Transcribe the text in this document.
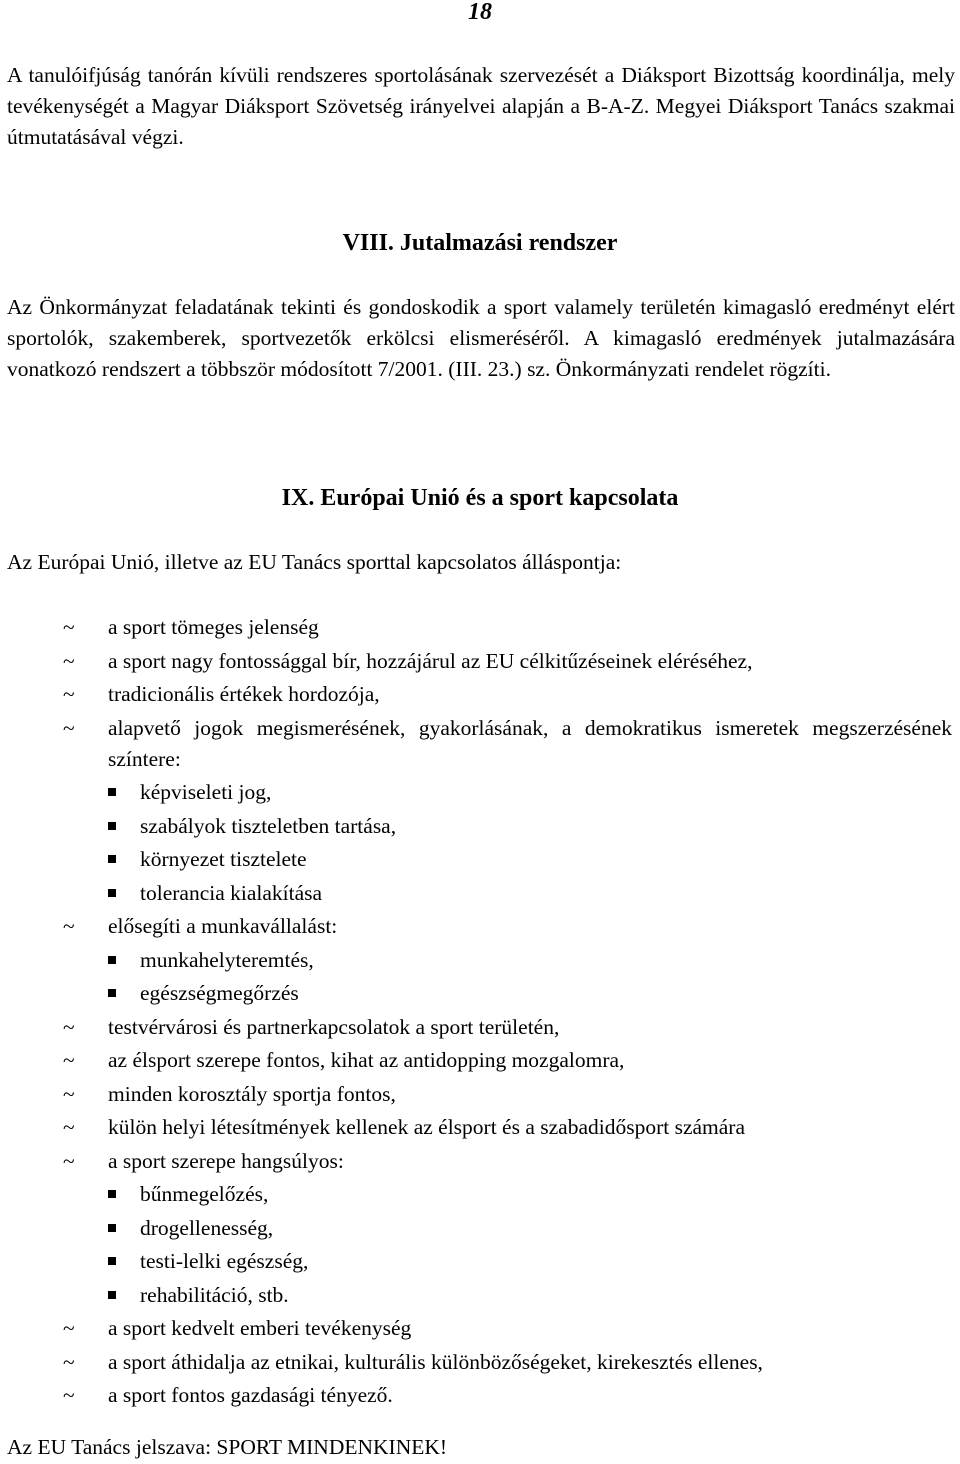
18

A tanulóifjúság tanórán kívüli rendszeres sportolásának szervezését a Diáksport Bizottság koordinálja, mely tevékenységét a Magyar Diáksport Szövetség irányelvei alapján a B-A-Z. Megyei Diáksport Tanács szakmai útmutatásával végzi.

VIII. Jutalmazási rendszer

Az Önkormányzat feladatának tekinti és gondoskodik a sport valamely területén kimagasló eredményt elért sportolók, szakemberek, sportvezetők erkölcsi elismeréséről. A kimagasló eredmények jutalmazására vonatkozó rendszert a többször módosított 7/2001. (III. 23.) sz. Önkormányzati rendelet rögzíti.

IX. Európai Unió és a sport kapcsolata

Az Európai Unió, illetve az EU Tanács sporttal kapcsolatos álláspontja:

~ a sport tömeges jelenség
~ a sport nagy fontossággal bír, hozzájárul az EU célkitűzéseinek eléréséhez,
~ tradicionális értékek hordozója,
~ alapvető jogok megismerésének, gyakorlásának, a demokratikus ismeretek megszerzésének színtere:
képviseleti jog,
szabályok tiszteletben tartása,
környezet tisztelete
tolerancia kialakítása
~ elősegíti a munkavállalást:
munkahelyteremtés,
egészségmegőrzés
~ testvérvárosi és partnerkapcsolatok a sport területén,
~ az élsport szerepe fontos, kihat az antidopping mozgalomra,
~ minden korosztály sportja fontos,
~ külön helyi létesítmények kellenek az élsport és a szabadidősport számára
~ a sport szerepe hangsúlyos:
bűnmegelőzés,
drogellenesség,
testi-lelki egészség,
rehabilitáció, stb.
~ a sport kedvelt emberi tevékenység
~ a sport áthidalja az etnikai, kulturális különbözőségeket, kirekesztés ellenes,
~ a sport fontos gazdasági tényező.

Az EU Tanács jelszava: SPORT MINDENKINEK!
